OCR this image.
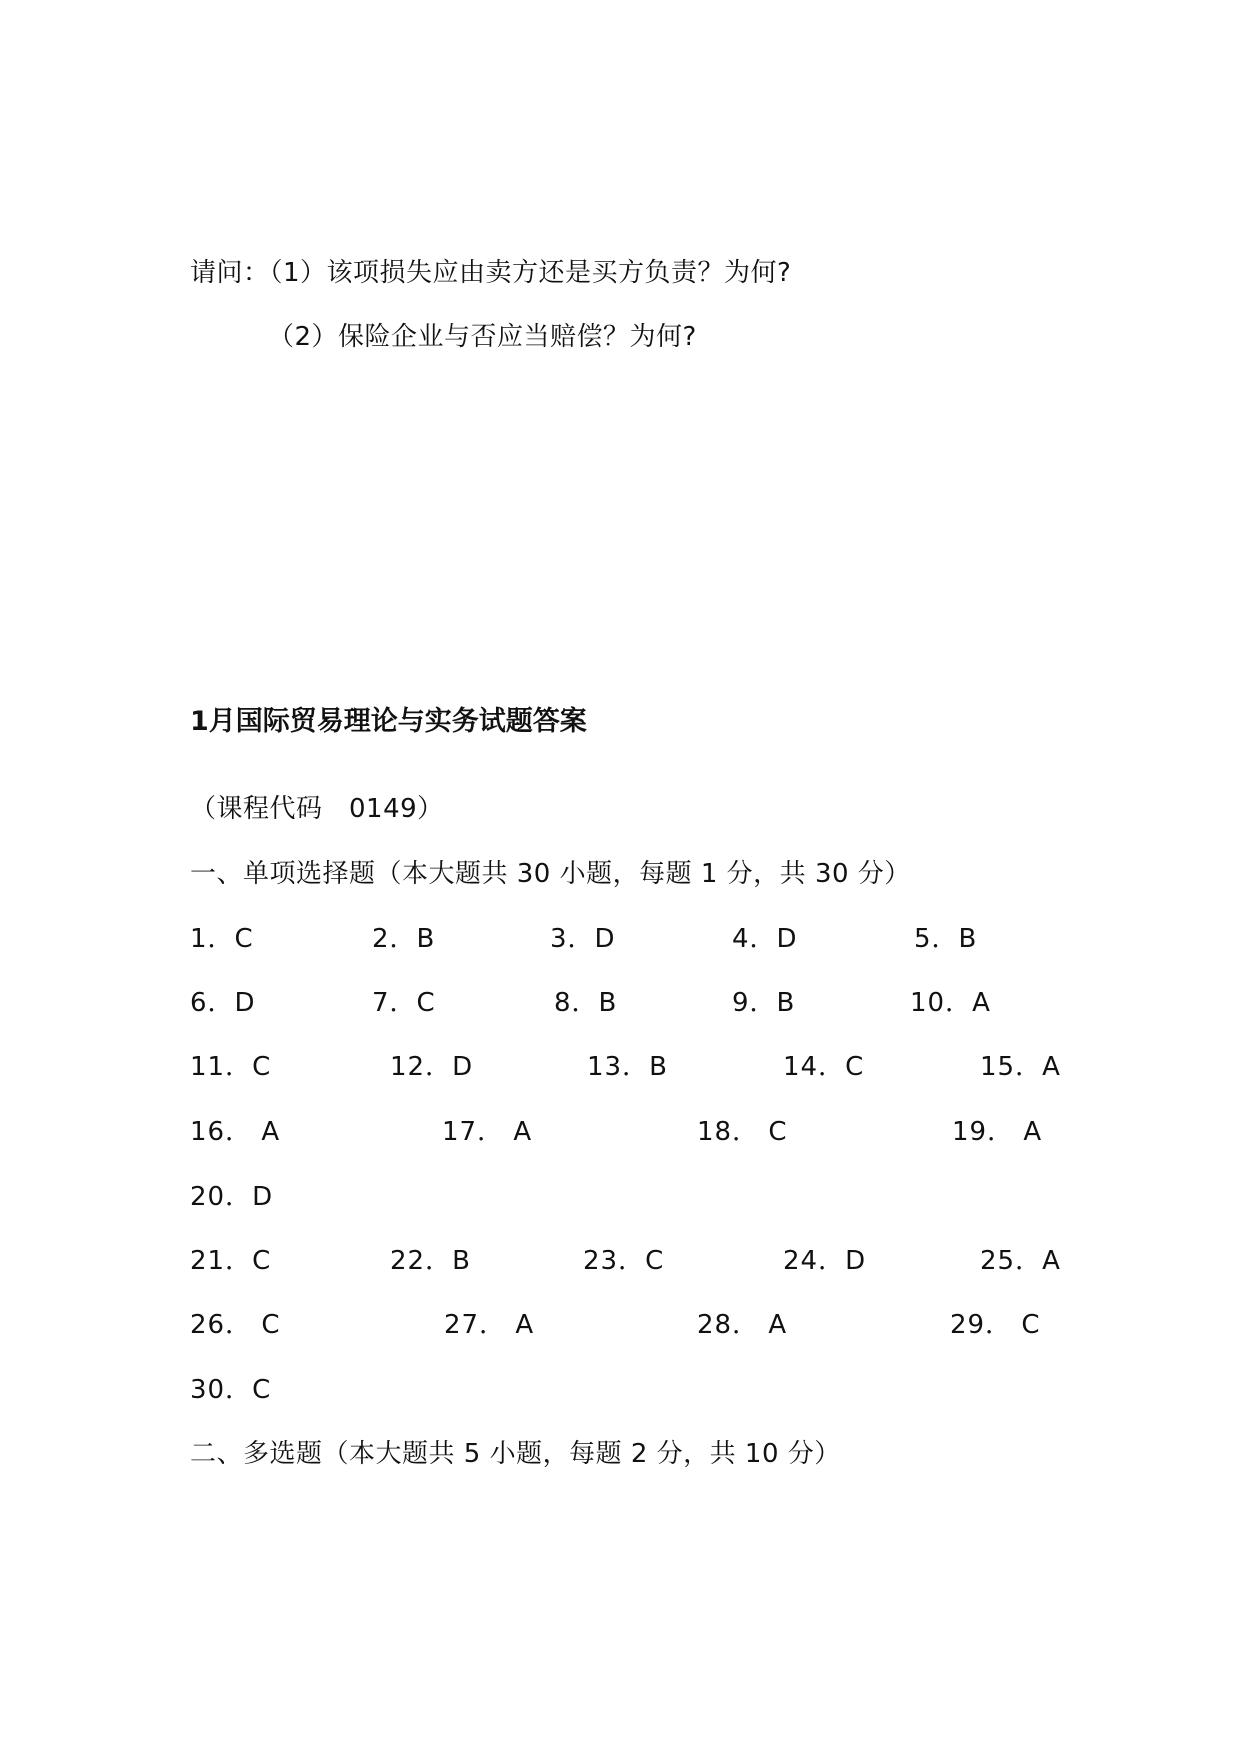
请问：（1）该项损失应由卖方还是买方负责？为何?
（2）保险企业与否应当赔偿？为何?
1月国际贸易理论与实务试题答案
（课程代码　0149）
一、单项选择题（本大题共 30 小题，每题 1 分，共 30 分）
1．C	2．B	3．D	4．D	5．B
6．D	7．C	8．B	9．B	10．A
11．C	12．D	13．B	14．C	15．A
16． A	17． A	18． C	19． A
20．D
21．C	22．B	23．C	24．D	25．A
26． C	27． A	28． A	29． C
30．C
二、多选题（本大题共 5 小题，每题 2 分，共 10 分）
